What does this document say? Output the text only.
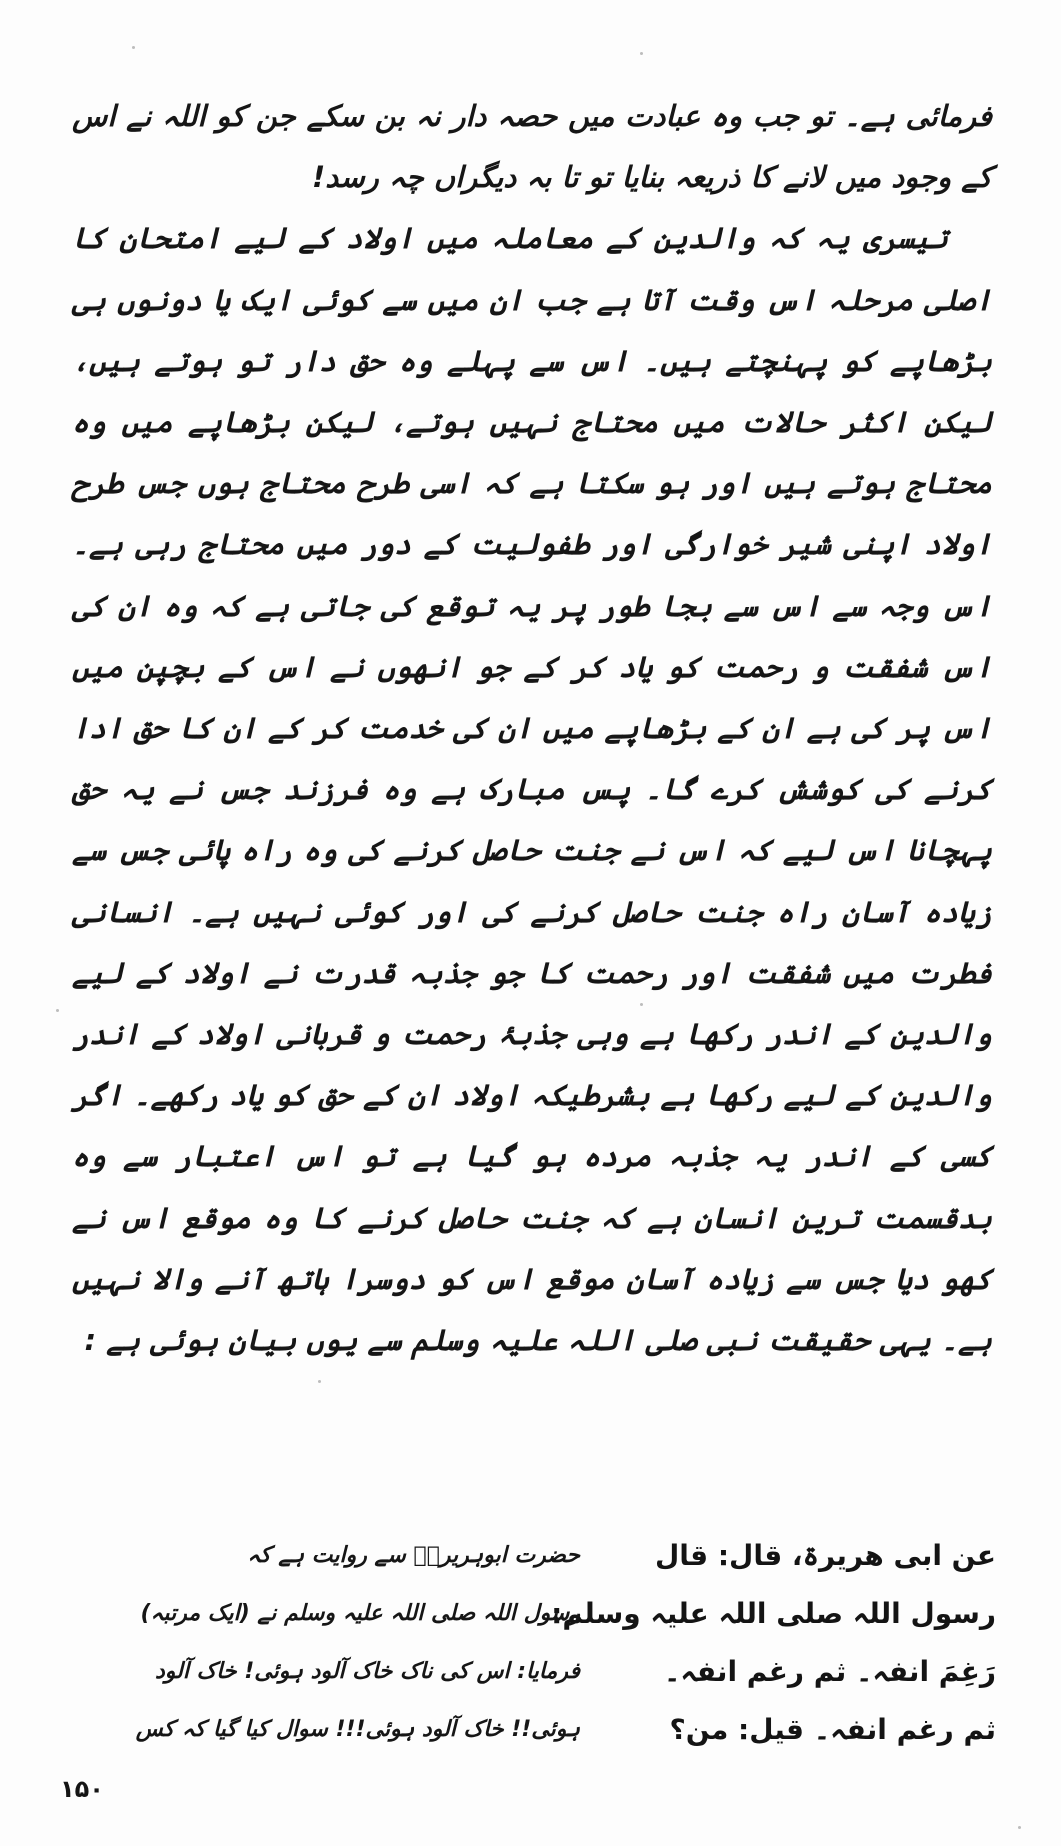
فرمائی ہے۔ تو جب وہ عبادت میں حصہ دار نہ بن سکے جن کو اللہ نے اس کے وجود میں لانے کا ذریعہ بنایا تو تا بہ دیگراں چہ رسد!

تیسری یہ کہ والدین کے معاملہ میں اولاد کے لیے امتحان کا اصلی مرحلہ اس وقت آتا ہے جب ان میں سے کوئی ایک یا دونوں ہی بڑھاپے کو پہنچتے ہیں۔ اس سے پہلے وہ حق دار تو ہوتے ہیں، لیکن اکثر حالات میں محتاج نہیں ہوتے، لیکن بڑھاپے میں وہ محتاج ہوتے ہیں اور ہو سکتا ہے کہ اسی طرح محتاج ہوں جس طرح اولاد اپنی شیر خوارگی اور طفولیت کے دور میں محتاج رہی ہے۔ اس وجہ سے اس سے بجا طور پر یہ توقع کی جاتی ہے کہ وہ ان کی اس شفقت و رحمت کو یاد کر کے جو انھوں نے اس کے بچپن میں اس پر کی ہے ان کے بڑھاپے میں ان کی خدمت کر کے ان کا حق ادا کرنے کی کوشش کرے گا۔ پس مبارک ہے وہ فرزند جس نے یہ حق پہچانا اس لیے کہ اس نے جنت حاصل کرنے کی وہ راہ پائی جس سے زیادہ آسان راہ جنت حاصل کرنے کی اور کوئی نہیں ہے۔ انسانی فطرت میں شفقت اور رحمت کا جو جذبہ قدرت نے اولاد کے لیے والدین کے اندر رکھا ہے وہی جذبۂ رحمت و قربانی اولاد کے اندر والدین کے لیے رکھا ہے بشرطیکہ اولاد ان کے حق کو یاد رکھے۔ اگر کسی کے اندر یہ جذبہ مردہ ہو گیا ہے تو اس اعتبار سے وہ بدقسمت ترین انسان ہے کہ جنت حاصل کرنے کا وہ موقع اس نے کھو دیا جس سے زیادہ آسان موقع اس کو دوسرا ہاتھ آنے والا نہیں ہے۔ یہی حقیقت نبی صلی اللہ علیہ وسلم سے یوں بیان ہوئی ہے :

عن ابی ھریرۃ، قال: قال
حضرت ابوہریرہؓ سے روایت ہے کہ
رسول اللہ صلی اللہ علیہ وسلم:
رسول اللہ صلی اللہ علیہ وسلم نے (ایک مرتبہ)
رَغِمَ انفہ۔ ثم رغم انفہ۔
فرمایا: اس کی ناک خاک آلود ہوئی! خاک آلود
ثم رغم انفہ۔ قیل: من؟
ہوئی!! خاک آلود ہوئی!!! سوال کیا گیا کہ کس
۱۵۰
